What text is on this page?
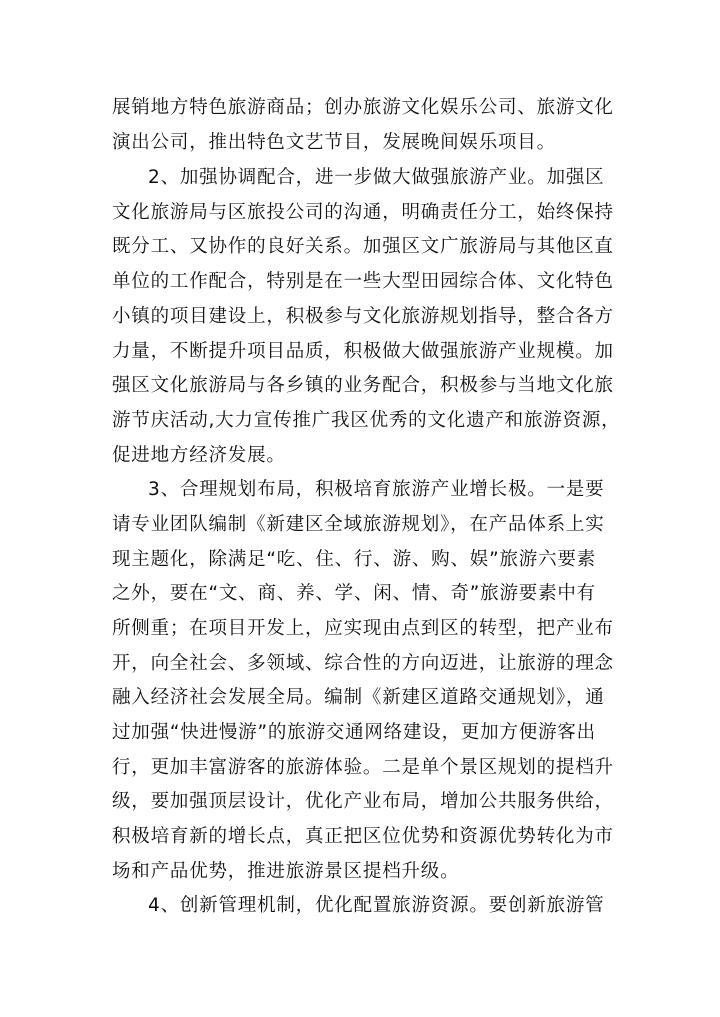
展销地方特色旅游商品；创办旅游文化娱乐公司、旅游文化
演出公司，推出特色文艺节目，发展晚间娱乐项目。
2、加强协调配合，进一步做大做强旅游产业。加强区
文化旅游局与区旅投公司的沟通，明确责任分工，始终保持
既分工、又协作的良好关系。加强区文广旅游局与其他区直
单位的工作配合，特别是在一些大型田园综合体、文化特色
小镇的项目建设上，积极参与文化旅游规划指导，整合各方
力量，不断提升项目品质，积极做大做强旅游产业规模。加
强区文化旅游局与各乡镇的业务配合，积极参与当地文化旅
游节庆活动,大力宣传推广我区优秀的文化遗产和旅游资源，
促进地方经济发展。
3、合理规划布局，积极培育旅游产业增长极。一是要
请专业团队编制《新建区全域旅游规划》，在产品体系上实
现主题化，除满足“吃、住、行、游、购、娱”旅游六要素
之外，要在“文、商、养、学、闲、情、奇”旅游要素中有
所侧重；在项目开发上，应实现由点到区的转型，把产业布
开，向全社会、多领域、综合性的方向迈进，让旅游的理念
融入经济社会发展全局。编制《新建区道路交通规划》，通
过加强“快进慢游”的旅游交通网络建设，更加方便游客出
行，更加丰富游客的旅游体验。二是单个景区规划的提档升
级，要加强顶层设计，优化产业布局，增加公共服务供给，
积极培育新的增长点，真正把区位优势和资源优势转化为市
场和产品优势，推进旅游景区提档升级。
4、创新管理机制，优化配置旅游资源。要创新旅游管
